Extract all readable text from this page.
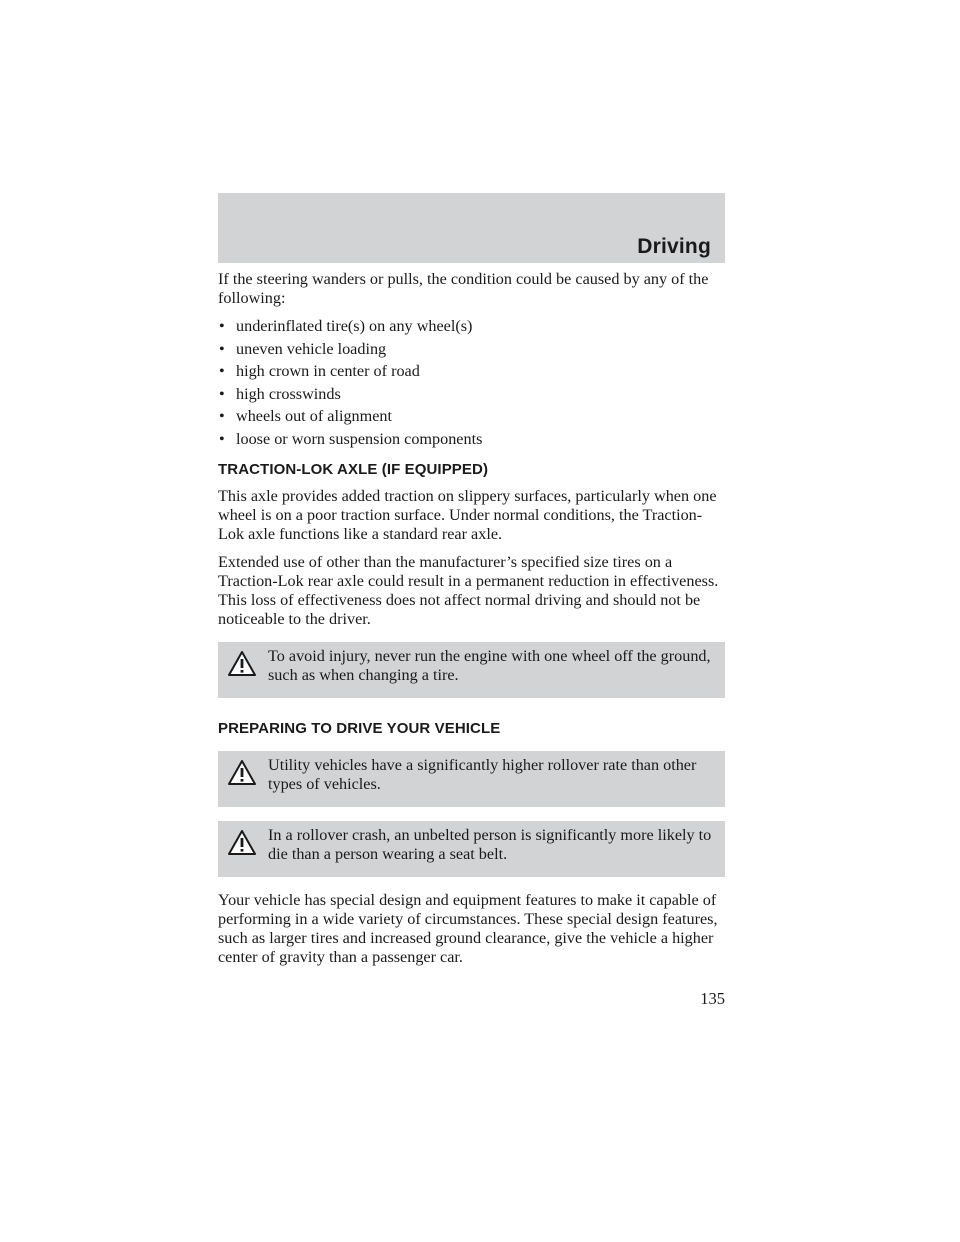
Driving

If the steering wanders or pulls, the condition could be caused by any of the following:

• underinflated tire(s) on any wheel(s)
• uneven vehicle loading
• high crown in center of road
• high crosswinds
• wheels out of alignment
• loose or worn suspension components
TRACTION-LOK AXLE (IF EQUIPPED)

This axle provides added traction on slippery surfaces, particularly when one wheel is on a poor traction surface. Under normal conditions, the Traction-Lok axle functions like a standard rear axle.

Extended use of other than the manufacturer’s specified size tires on a Traction-Lok rear axle could result in a permanent reduction in effectiveness. This loss of effectiveness does not affect normal driving and should not be noticeable to the driver.

To avoid injury, never run the engine with one wheel off the ground, such as when changing a tire.
PREPARING TO DRIVE YOUR VEHICLE
Utility vehicles have a significantly higher rollover rate than other types of vehicles.
In a rollover crash, an unbelted person is significantly more likely to die than a person wearing a seat belt.

Your vehicle has special design and equipment features to make it capable of performing in a wide variety of circumstances. These special design features, such as larger tires and increased ground clearance, give the vehicle a higher center of gravity than a passenger car.

135
